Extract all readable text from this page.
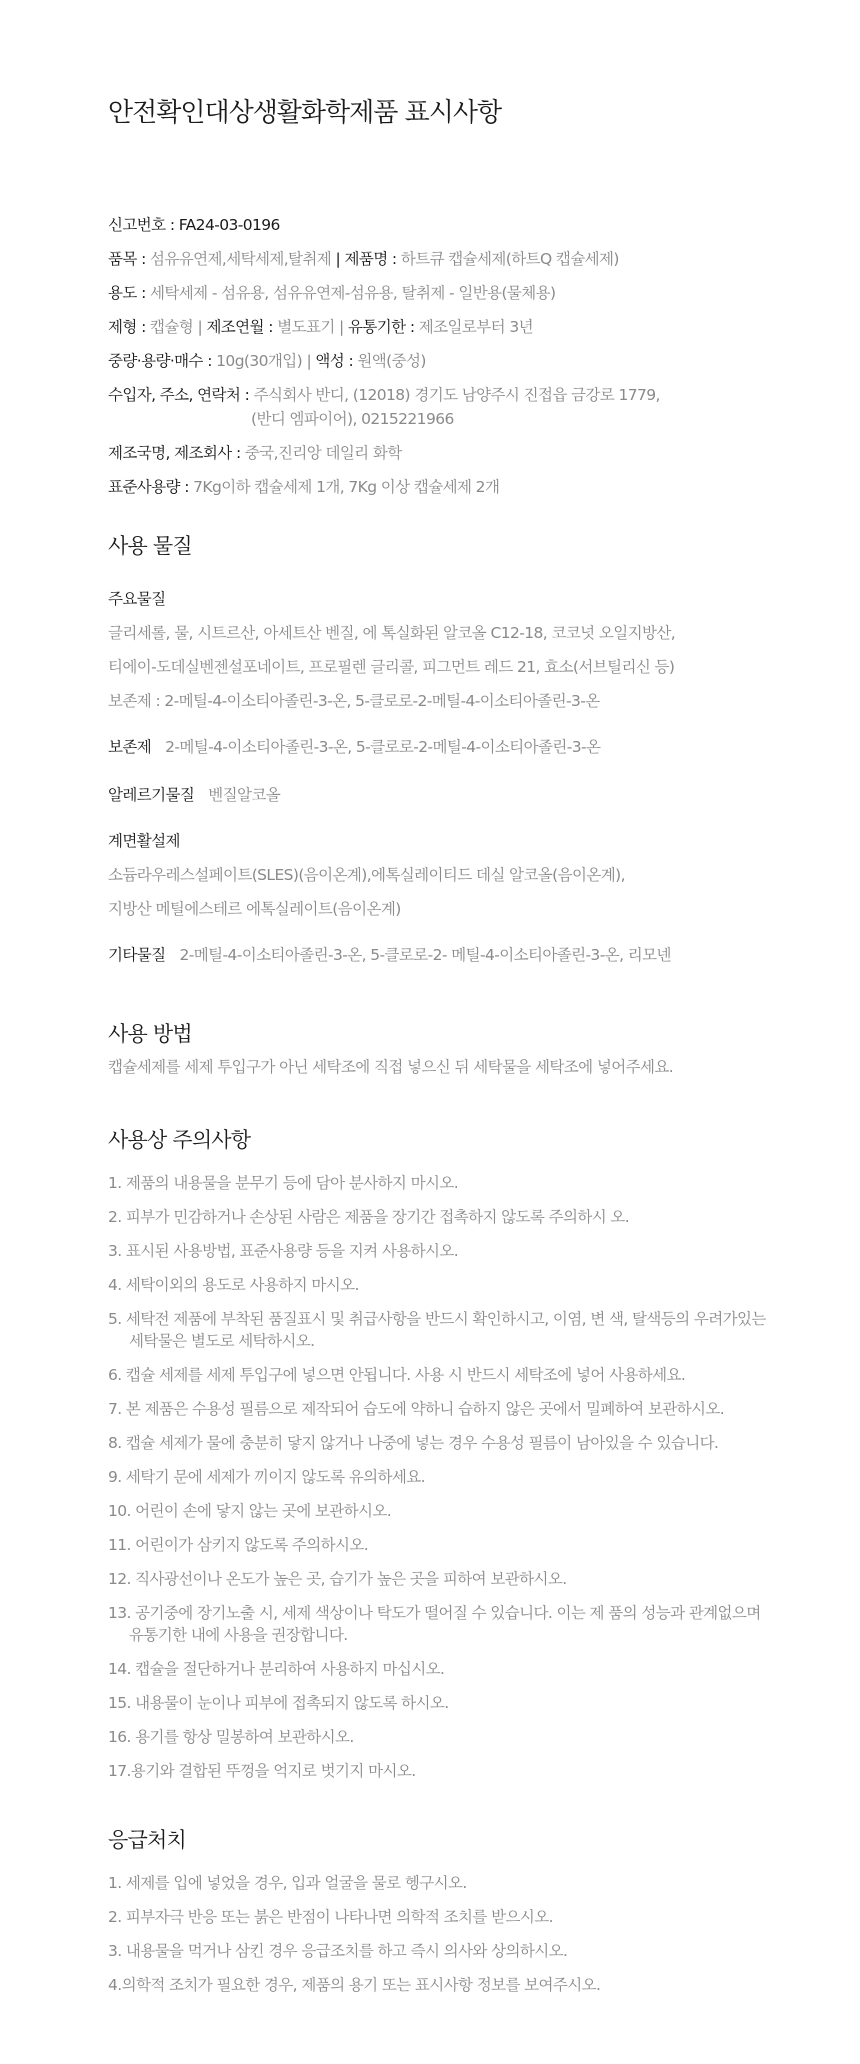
안전확인대상생활화학제품 표시사항
신고번호 : FA24-03-0196
품목 : 섬유유연제,세탁세제,탈취제 | 제품명 : 하트큐 캡슐세제(하트Q 캡슐세제)
용도 : 세탁세제 - 섬유용, 섬유유연제-섬유용, 탈취제 - 일반용(물체용)
제형 : 캡슐형 | 제조연월 : 별도표기 | 유통기한 : 제조일로부터 3년
중량·용량·매수 : 10g(30개입) | 액성 : 원액(중성)
수입자, 주소, 연락처 : 주식회사 반디, (12018) 경기도 남양주시 진접읍 금강로 1779,
(반디 엠파이어), 0215221966
제조국명, 제조회사 : 중국,진리앙 데일리 화학
표준사용량 : 7Kg이하 캡슐세제 1개, 7Kg 이상 캡슐세제 2개
사용 물질
주요물질
글리세롤, 물, 시트르산, 아세트산 벤질, 에 톡실화된 알코올 C12-18, 코코넛 오일지방산,
티에이-도데실벤젠설포네이트, 프로필렌 글리콜, 피그먼트 레드 21, 효소(서브틸리신 등)
보존제 : 2-메틸-4-이소티아졸린-3-온, 5-클로로-2-메틸-4-이소티아졸린-3-온
보존제 2-메틸-4-이소티아졸린-3-온, 5-클로로-2-메틸-4-이소티아졸린-3-온
알레르기물질 벤질알코올
계면활설제
소듐라우레스설페이트(SLES)(음이온계),에톡실레이티드 데실 알코올(음이온계),
지방산 메틸에스테르 에톡실레이트(음이온계)
기타물질 2-메틸-4-이소티아졸린-3-온, 5-클로로-2- 메틸-4-이소티아졸린-3-온, 리모넨
사용 방법
캡슐세제를 세제 투입구가 아닌 세탁조에 직접 넣으신 뒤 세탁물을 세탁조에 넣어주세요.
사용상 주의사항
1. 제품의 내용물을 분무기 등에 담아 분사하지 마시오.
2. 피부가 민감하거나 손상된 사람은 제품을 장기간 접촉하지 않도록 주의하시 오.
3. 표시된 사용방법, 표준사용량 등을 지켜 사용하시오.
4. 세탁이외의 용도로 사용하지 마시오.
5. 세탁전 제품에 부착된 품질표시 및 취급사항을 반드시 확인하시고, 이염, 변 색, 탈색등의 우려가있는
세탁물은 별도로 세탁하시오.
6. 캡슐 세제를 세제 투입구에 넣으면 안됩니다. 사용 시 반드시 세탁조에 넣어 사용하세요.
7. 본 제품은 수용성 필름으로 제작되어 습도에 약하니 습하지 않은 곳에서 밀폐하여 보관하시오.
8. 캡슐 세제가 물에 충분히 닿지 않거나 나중에 넣는 경우 수용성 필름이 남아있을 수 있습니다.
9. 세탁기 문에 세제가 끼이지 않도록 유의하세요.
10. 어린이 손에 닿지 않는 곳에 보관하시오.
11. 어린이가 삼키지 않도록 주의하시오.
12. 직사광선이나 온도가 높은 곳, 습기가 높은 곳을 피하여 보관하시오.
13. 공기중에 장기노출 시, 세제 색상이나 탁도가 떨어질 수 있습니다. 이는 제 품의 성능과 관계없으며
유통기한 내에 사용을 권장합니다.
14. 캡슐을 절단하거나 분리하여 사용하지 마십시오.
15. 내용물이 눈이나 피부에 접촉되지 않도록 하시오.
16. 용기를 항상 밀봉하여 보관하시오.
17.용기와 결합된 뚜껑을 억지로 벗기지 마시오.
응급처치
1. 세제를 입에 넣었을 경우, 입과 얼굴을 물로 헹구시오.
2. 피부자극 반응 또는 붉은 반점이 나타나면 의학적 조치를 받으시오.
3. 내용물을 먹거나 삼킨 경우 응급조치를 하고 즉시 의사와 상의하시오.
4.의학적 조치가 필요한 경우, 제품의 용기 또는 표시사항 정보를 보여주시오.
